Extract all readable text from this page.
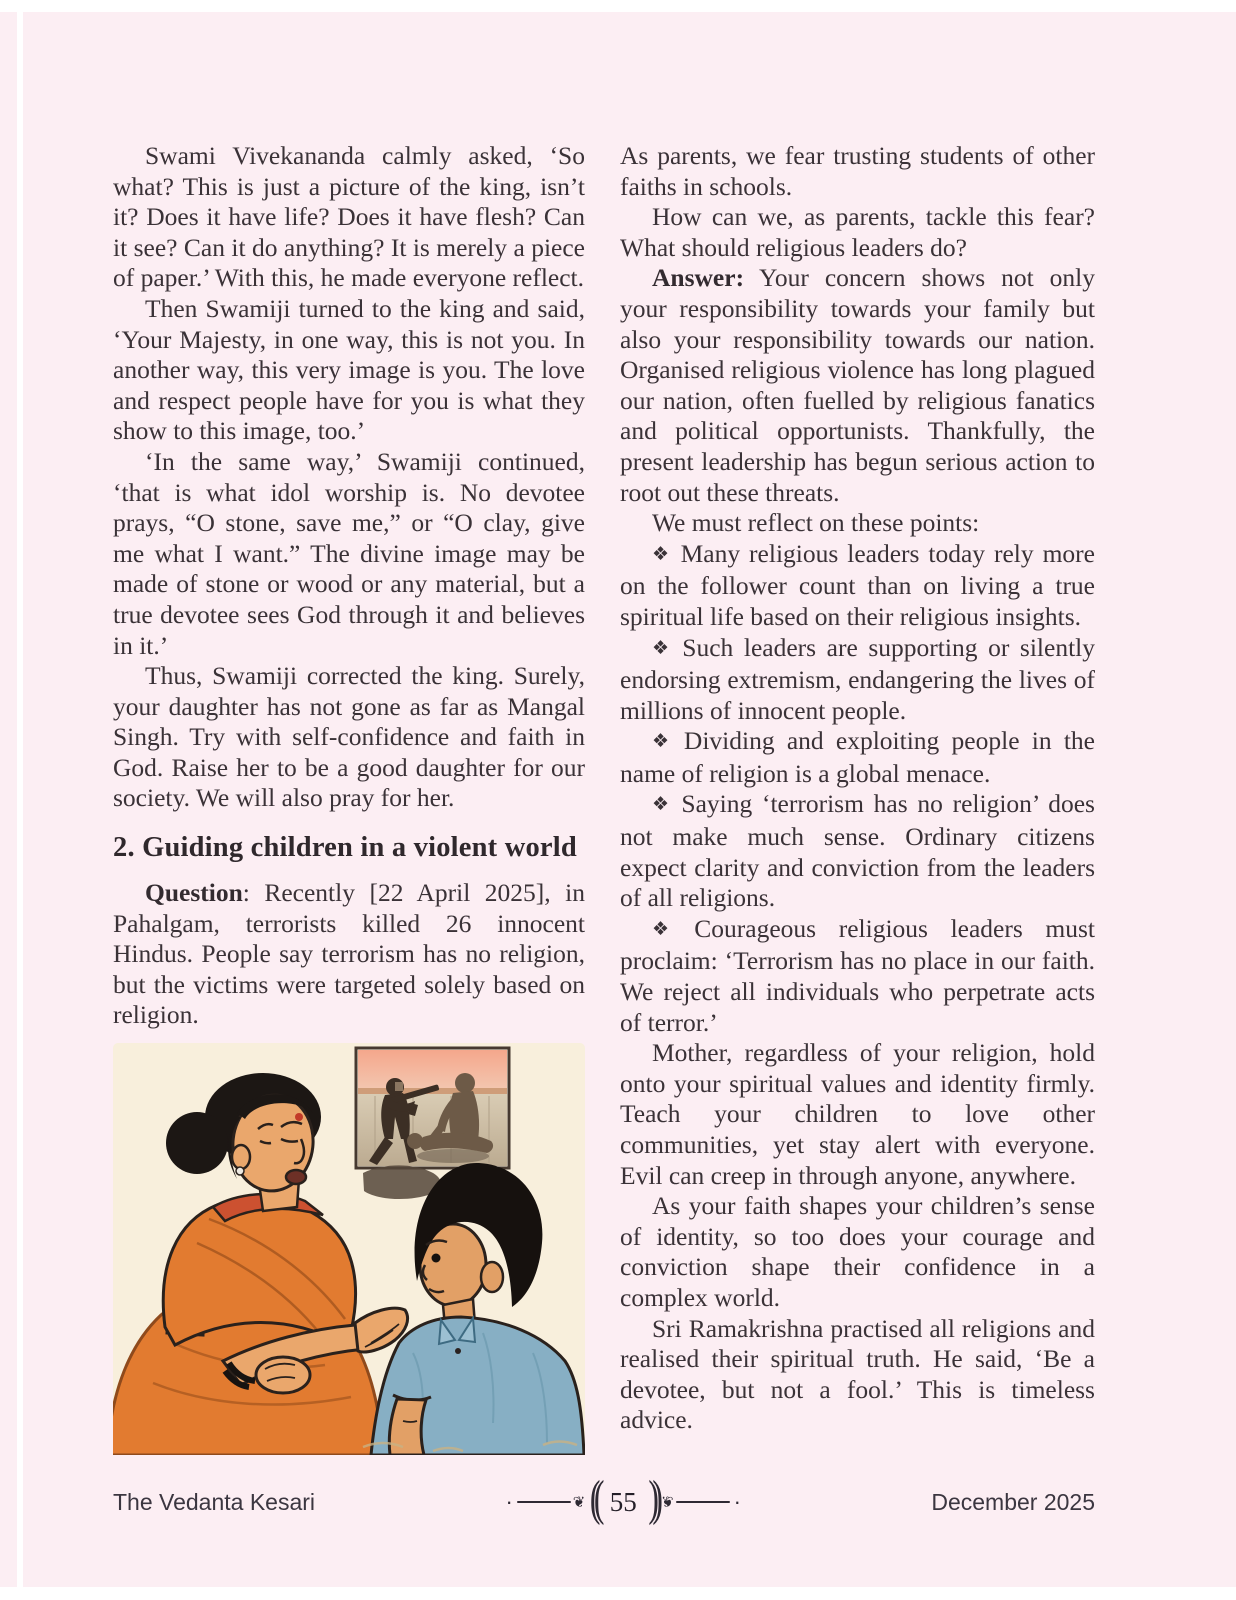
Swami Vivekananda calmly asked, ‘So what? This is just a picture of the king, isn’t it? Does it have life? Does it have flesh? Can it see? Can it do anything? It is merely a piece of paper.’ With this, he made everyone reflect.

Then Swamiji turned to the king and said, ‘Your Majesty, in one way, this is not you. In another way, this very image is you. The love and respect people have for you is what they show to this image, too.’

‘In the same way,’ Swamiji continued, ‘that is what idol worship is. No devotee prays, “O stone, save me,” or “O clay, give me what I want.” The divine image may be made of stone or wood or any material, but a true devotee sees God through it and believes in it.’

Thus, Swamiji corrected the king. Surely, your daughter has not gone as far as Mangal Singh. Try with self-confidence and faith in God. Raise her to be a good daughter for our society. We will also pray for her.

2. Guiding children in a violent world

Question: Recently [22 April 2025], in Pahalgam, terrorists killed 26 innocent Hindus. People say terrorism has no religion, but the victims were targeted solely based on religion.

As parents, we fear trusting students of other faiths in schools.

How can we, as parents, tackle this fear? What should religious leaders do?

Answer: Your concern shows not only your responsibility towards your family but also your responsibility towards our nation. Organised religious violence has long plagued our nation, often fuelled by religious fanatics and political opportunists. Thankfully, the present leadership has begun serious action to root out these threats.

We must reflect on these points:

❖ Many religious leaders today rely more on the follower count than on living a true spiritual life based on their religious insights.

❖ Such leaders are supporting or silently endorsing extremism, endangering the lives of millions of innocent people.

❖ Dividing and exploiting people in the name of religion is a global menace.

❖ Saying ‘terrorism has no religion’ does not make much sense. Ordinary citizens expect clarity and conviction from the leaders of all religions.

❖ Courageous religious leaders must proclaim: ‘Terrorism has no place in our faith. We reject all individuals who perpetrate acts of terror.’

Mother, regardless of your religion, hold onto your spiritual values and identity firmly. Teach your children to love other communities, yet stay alert with everyone. Evil can creep in through anyone, anywhere.

As your faith shapes your children’s sense of identity, so too does your courage and conviction shape their confidence in a complex world.

Sri Ramakrishna practised all religions and realised their spiritual truth. He said, ‘Be a devotee, but not a fool.’ This is timeless advice.

The Vedanta Kesari	·	❦ (( 55 )) ❦	·	December 2025
